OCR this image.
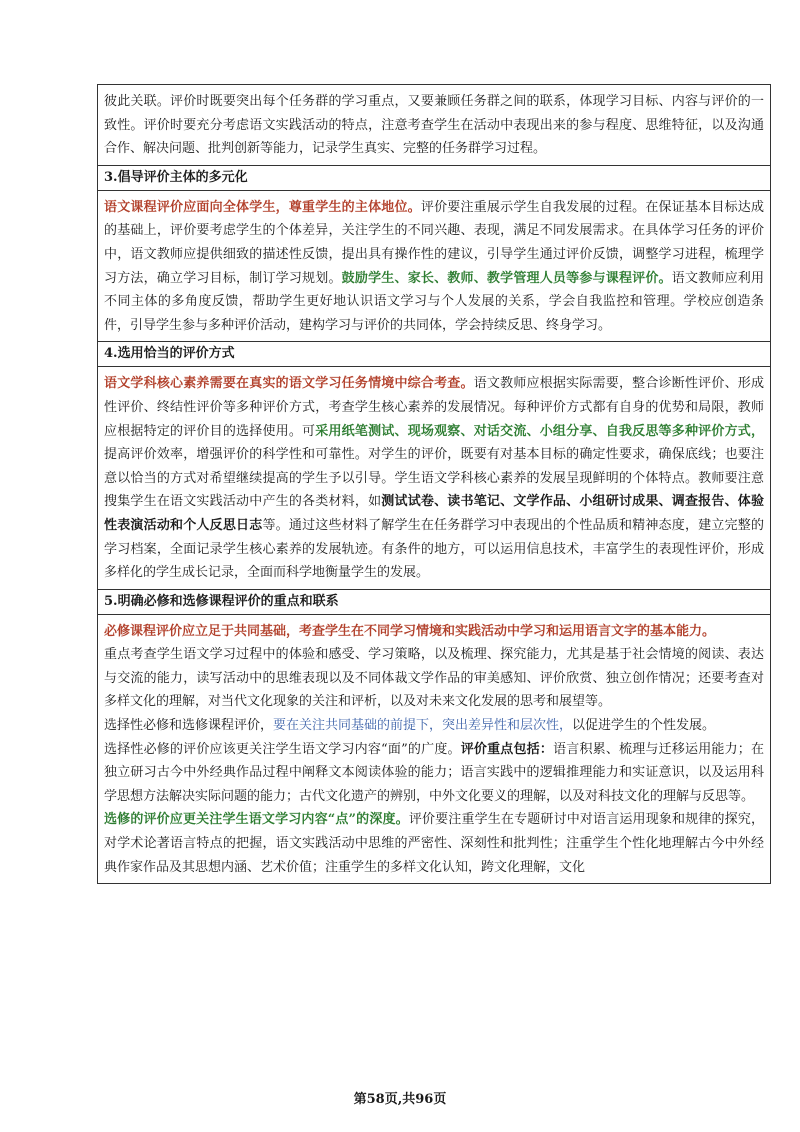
彼此关联。评价时既要突出每个任务群的学习重点，又要兼顾任务群之间的联系，体现学习目标、内容与评价的一致性。评价时要充分考虑语文实践活动的特点，注意考查学生在活动中表现出来的参与程度、思维特征，以及沟通合作、解决问题、批判创新等能力，记录学生真实、完整的任务群学习过程。

3.倡导评价主体的多元化

语文课程评价应面向全体学生，尊重学生的主体地位。评价要注重展示学生自我发展的过程。在保证基本目标达成的基础上，评价要考虑学生的个体差异，关注学生的不同兴趣、表现，满足不同发展需求。在具体学习任务的评价中，语文教师应提供细致的描述性反馈，提出具有操作性的建议，引导学生通过评价反馈，调整学习进程，梳理学习方法，确立学习目标，制订学习规划。鼓励学生、家长、教师、教学管理人员等参与课程评价。语文教师应利用不同主体的多角度反馈，帮助学生更好地认识语文学习与个人发展的关系，学会自我监控和管理。学校应创造条件，引导学生参与多种评价活动，建构学习与评价的共同体，学会持续反思、终身学习。

4.选用恰当的评价方式

语文学科核心素养需要在真实的语文学习任务情境中综合考查。语文教师应根据实际需要，整合诊断性评价、形成性评价、终结性评价等多种评价方式，考查学生核心素养的发展情况。每种评价方式都有自身的优势和局限，教师应根据特定的评价目的选择使用。可采用纸笔测试、现场观察、对话交流、小组分享、自我反思等多种评价方式，提高评价效率，增强评价的科学性和可靠性。对学生的评价，既要有对基本目标的确定性要求，确保底线；也要注意以恰当的方式对希望继续提高的学生予以引导。学生语文学科核心素养的发展呈现鲜明的个体特点。教师要注意搜集学生在语文实践活动中产生的各类材料，如测试试卷、读书笔记、文学作品、小组研讨成果、调查报告、体验性表演活动和个人反思日志等。通过这些材料了解学生在任务群学习中表现出的个性品质和精神态度，建立完整的学习档案，全面记录学生核心素养的发展轨迹。有条件的地方，可以运用信息技术，丰富学生的表现性评价，形成多样化的学生成长记录，全面而科学地衡量学生的发展。

5.明确必修和选修课程评价的重点和联系

必修课程评价应立足于共同基础，考查学生在不同学习情境和实践活动中学习和运用语言文字的基本能力。

重点考查学生语文学习过程中的体验和感受、学习策略，以及梳理、探究能力，尤其是基于社会情境的阅读、表达与交流的能力，读写活动中的思维表现以及不同体裁文学作品的审美感知、评价欣赏、独立创作情况；还要考查对多样文化的理解，对当代文化现象的关注和评析，以及对未来文化发展的思考和展望等。

选择性必修和选修课程评价，要在关注共同基础的前提下，突出差异性和层次性，以促进学生的个性发展。

选择性必修的评价应该更关注学生语文学习内容“面”的广度。评价重点包括：语言积累、梳理与迁移运用能力；在独立研习古今中外经典作品过程中阐释文本阅读体验的能力；语言实践中的逻辑推理能力和实证意识，以及运用科学思想方法解决实际问题的能力；古代文化遗产的辨别，中外文化要义的理解，以及对科技文化的理解与反思等。

选修的评价应更关注学生语文学习内容“点”的深度。评价要注重学生在专题研讨中对语言运用现象和规律的探究，对学术论著语言特点的把握，语文实践活动中思维的严密性、深刻性和批判性；注重学生个性化地理解古今中外经典作家作品及其思想内涵、艺术价值；注重学生的多样文化认知，跨文化理解，文化

第58页,共96页
